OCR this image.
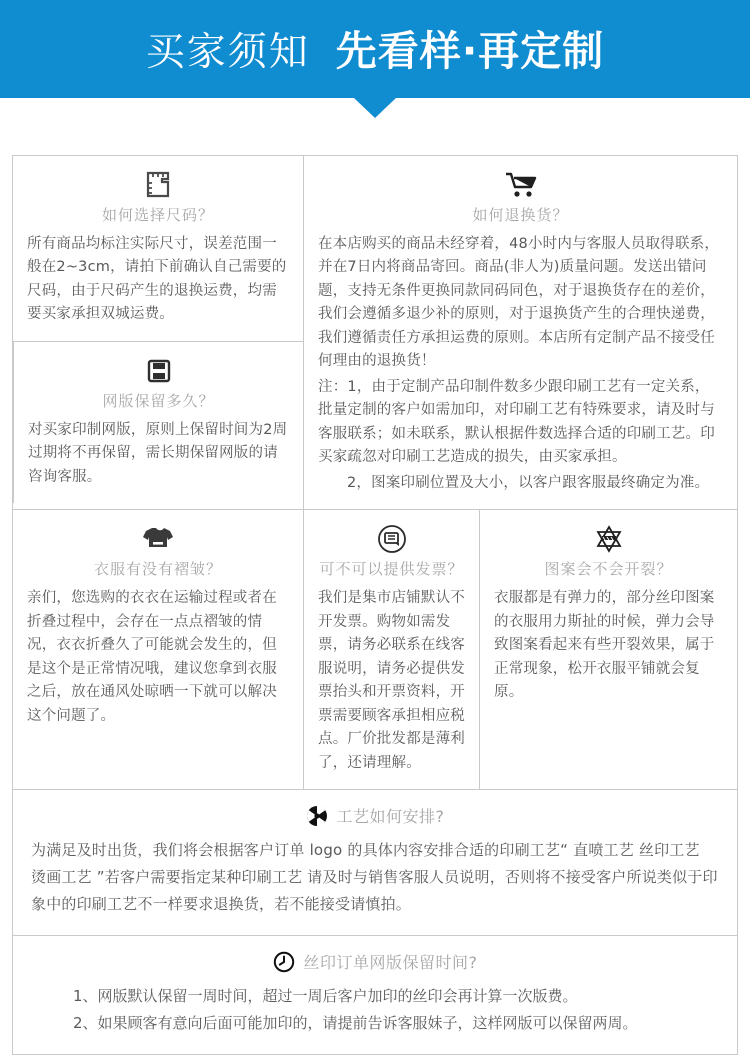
买家须知 先看样·再定制
如何选择尺码？

所有商品均标注实际尺寸，误差范围一般在2~3cm，请拍下前确认自己需要的尺码，由于尺码产生的退换运费，均需要买家承担双城运费。

网版保留多久？

对买家印制网版，原则上保留时间为2周过期将不再保留，需长期保留网版的请咨询客服。

如何退换货？

在本店购买的商品未经穿着，48小时内与客服人员取得联系，并在7日内将商品寄回。商品(非人为)质量问题。发送出错问题，支持无条件更换同款同码同色，对于退换货存在的差价，我们会遵循多退少补的原则，对于退换货产生的合理快递费，我们遵循责任方承担运费的原则。本店所有定制产品不接受任何理由的退换货！

注：1，由于定制产品印制件数多少跟印刷工艺有一定关系，批量定制的客户如需加印，对印刷工艺有特殊要求，请及时与客服联系；如未联系，默认根据件数选择合适的印刷工艺。印买家疏忽对印刷工艺造成的损失，由买家承担。

2，图案印刷位置及大小，以客户跟客服最终确定为准。

衣服有没有褶皱？

亲们，您选购的衣衣在运输过程或者在折叠过程中，会存在一点点褶皱的情况，衣衣折叠久了可能就会发生的，但是这个是正常情况哦，建议您拿到衣服之后，放在通风处晾晒一下就可以解决这个问题了。

可不可以提供发票？

我们是集市店铺默认不开发票。购物如需发票，请务必联系在线客服说明，请务必提供发票抬头和开票资料，开票需要顾客承担相应税点。厂价批发都是薄利了，还请理解。

图案会不会开裂？

衣服都是有弹力的，部分丝印图案的衣服用力斯扯的时候，弹力会导致图案看起来有些开裂效果，属于正常现象，松开衣服平铺就会复原。

工艺如何安排?

为满足及时出货，我们将会根据客户订单 logo 的具体内容安排合适的印刷工艺“ 直喷工艺 丝印工艺 烫画工艺 ”若客户需要指定某种印刷工艺 请及时与销售客服人员说明，否则将不接受客户所说类似于印象中的印刷工艺不一样要求退换货，若不能接受请慎拍。

丝印订单网版保留时间?

1、网版默认保留一周时间，超过一周后客户加印的丝印会再计算一次版费。

2、如果顾客有意向后面可能加印的，请提前告诉客服妹子，这样网版可以保留两周。
